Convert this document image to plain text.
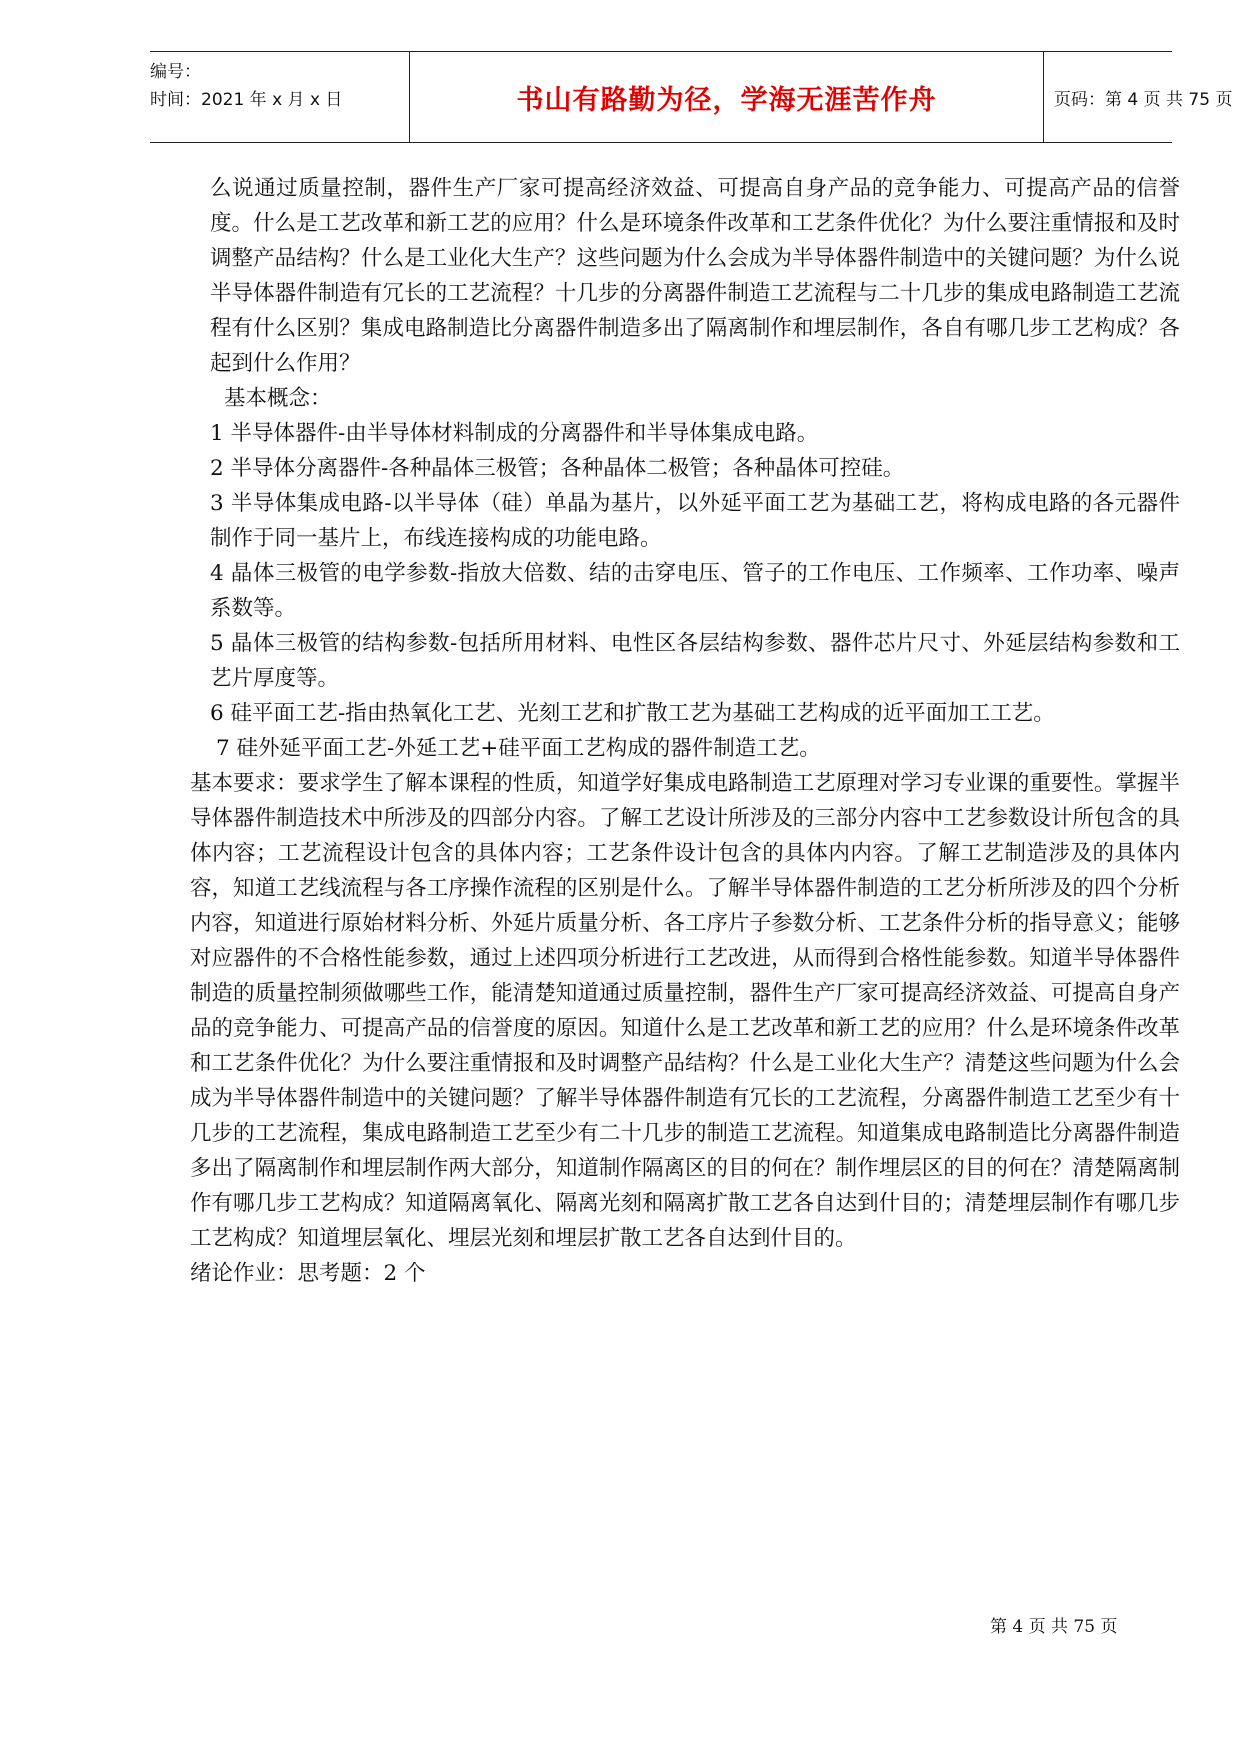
编号：
时间：2021 年 x 月 x 日	书山有路勤为径，学海无涯苦作舟	页码：第 4 页 共 75 页

么说通过质量控制，器件生产厂家可提高经济效益、可提高自身产品的竞争能力、可提高产品的信誉度。什么是工艺改革和新工艺的应用？什么是环境条件改革和工艺条件优化？为什么要注重情报和及时调整产品结构？什么是工业化大生产？这些问题为什么会成为半导体器件制造中的关键问题？为什么说半导体器件制造有冗长的工艺流程？十几步的分离器件制造工艺流程与二十几步的集成电路制造工艺流程有什么区别？集成电路制造比分离器件制造多出了隔离制作和埋层制作，各自有哪几步工艺构成？各起到什么作用？

基本概念：

1 半导体器件-由半导体材料制成的分离器件和半导体集成电路。

2 半导体分离器件-各种晶体三极管；各种晶体二极管；各种晶体可控硅。

3 半导体集成电路-以半导体（硅）单晶为基片，以外延平面工艺为基础工艺，将构成电路的各元器件制作于同一基片上，布线连接构成的功能电路。

4 晶体三极管的电学参数-指放大倍数、结的击穿电压、管子的工作电压、工作频率、工作功率、噪声系数等。

5 晶体三极管的结构参数-包括所用材料、电性区各层结构参数、器件芯片尺寸、外延层结构参数和工艺片厚度等。

6 硅平面工艺-指由热氧化工艺、光刻工艺和扩散工艺为基础工艺构成的近平面加工工艺。

7 硅外延平面工艺-外延工艺+硅平面工艺构成的器件制造工艺。

基本要求：要求学生了解本课程的性质，知道学好集成电路制造工艺原理对学习专业课的重要性。掌握半导体器件制造技术中所涉及的四部分内容。了解工艺设计所涉及的三部分内容中工艺参数设计所包含的具体内容；工艺流程设计包含的具体内容；工艺条件设计包含的具体内内容。了解工艺制造涉及的具体内容，知道工艺线流程与各工序操作流程的区别是什么。了解半导体器件制造的工艺分析所涉及的四个分析内容，知道进行原始材料分析、外延片质量分析、各工序片子参数分析、工艺条件分析的指导意义；能够对应器件的不合格性能参数，通过上述四项分析进行工艺改进，从而得到合格性能参数。知道半导体器件制造的质量控制须做哪些工作，能清楚知道通过质量控制，器件生产厂家可提高经济效益、可提高自身产品的竞争能力、可提高产品的信誉度的原因。知道什么是工艺改革和新工艺的应用？什么是环境条件改革和工艺条件优化？为什么要注重情报和及时调整产品结构？什么是工业化大生产？清楚这些问题为什么会成为半导体器件制造中的关键问题？了解半导体器件制造有冗长的工艺流程，分离器件制造工艺至少有十几步的工艺流程，集成电路制造工艺至少有二十几步的制造工艺流程。知道集成电路制造比分离器件制造多出了隔离制作和埋层制作两大部分，知道制作隔离区的目的何在？制作埋层区的目的何在？清楚隔离制作有哪几步工艺构成？知道隔离氧化、隔离光刻和隔离扩散工艺各自达到什目的；清楚埋层制作有哪几步工艺构成？知道埋层氧化、埋层光刻和埋层扩散工艺各自达到什目的。

绪论作业：思考题：2 个

第 4 页 共 75 页
